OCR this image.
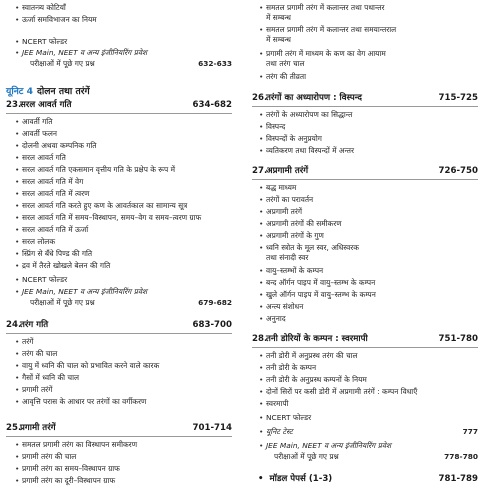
• स्वातन्त्र्य कोटियाँ
• ऊर्जा समविभाजन का नियम
• NCERT फोल्डर
• JEE Main, NEET व अन्य इंजीनियरिंग प्रवेश
परीक्षाओं में पूछे गए प्रश्न	632-633
यूनिट 4 दोलन तथा तरंगें
23.सरल आवर्त गति	634-682
• आवर्ती गति
• आवर्ती फलन
• दोलनी अथवा कम्पनिक गति
• सरल आवर्त गति
• सरल आवर्त गति एकसमान वृत्तीय गति के प्रक्षेप के रूप में
• सरल आवर्त गति में वेग
• सरल आवर्त गति में त्वरण
• सरल आवर्त गति करते हुए कण के आवर्तकाल का सामान्य सूत्र
• सरल आवर्त गति में समय–विस्थापन, समय–वेग व समय–त्वरण ग्राफ
• सरल आवर्त गति में ऊर्जा
• सरल लोलक
• स्प्रिंग से बँधे पिण्ड की गति
• द्रव में तैरते खोखले बेलन की गति
• NCERT फोल्डर
• JEE Main, NEET व अन्य इंजीनियरिंग प्रवेश
परीक्षाओं में पूछे गए प्रश्न	679-682
24.तरंग गति	683-700
• तरंगें
• तरंग की चाल
• वायु में ध्वनि की चाल को प्रभावित करने वाले कारक
• गैसों में ध्वनि की चाल
• प्रगामी तरंगें
• आवृत्ति परास के आधार पर तरंगों का वर्गीकरण
25.प्रगामी तरंगें	701-714
• समतल प्रगामी तरंग का विस्थापन समीकरण
• प्रगामी तरंग की चाल
• प्रगामी तरंग का समय–विस्थापन ग्राफ
• प्रगामी तरंग का दूरी–विस्थापन ग्राफ
• समतल प्रगामी तरंग में कलान्तर तथा पथान्तर
में सम्बन्ध
• समतल प्रगामी तरंग में कलान्तर तथा समयान्तराल
में सम्बन्ध
• प्रगामी तरंग में माध्यम के कण का वेग आयाम
तथा तरंग चाल
• तरंग की तीव्रता
26.तरंगों का अध्यारोपण : विस्पन्द	715-725
• तरंगों के अध्यारोपण का सिद्धान्त
• विस्पन्द
• विस्पन्दों के अनुप्रयोग
• व्यतिकरण तथा विस्पन्दों में अन्तर
27.अप्रगामी तरंगें	726-750
• बद्ध माध्यम
• तरंगों का परावर्तन
• अप्रगामी तरंगें
• अप्रगामी तरंगों की समीकरण
• अप्रगामी तरंगों के गुण
• ध्वनि स्त्रोत के मूल स्वर, अधिस्वरक
तथा संनादी स्वर
• वायु–स्तम्भों के कम्पन
• बन्द ऑर्गन पाइप में वायु–स्तम्भ के कम्पन
• खुले ऑर्गन पाइप में वायु–स्तम्भ के कम्पन
• अन्त्य संशोधन
• अनुनाद
28.तनी डोरियों के कम्पन : स्वरमापी	751-780
• तनी डोरी में अनुप्रस्थ तरंग की चाल
• तनी डोरी के कम्पन
• तनी डोरी के अनुप्रस्थ कम्पनों के नियम
• दोनों सिरों पर कसी डोरी में अप्रगामी तरंगें : कम्पन विधाएँ
• स्वरमापी
• NCERT फोल्डर
• यूनिट टेस्ट	777
• JEE Main, NEET व अन्य इंजीनियरिंग प्रवेश
परीक्षाओं में पूछे गए प्रश्न	778-780
• मॉडल पेपर्स (1-3)	781-789
